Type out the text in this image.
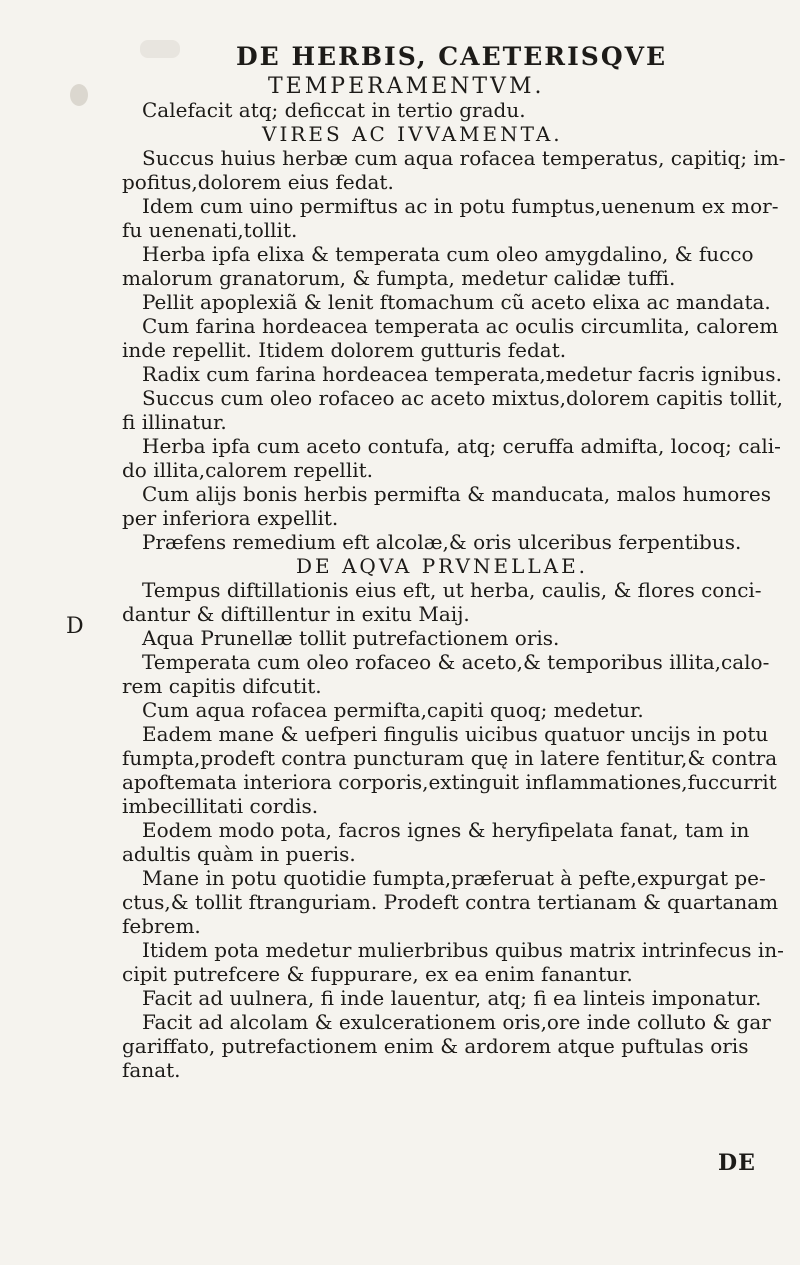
DE HERBIS, CAETERISQVE
TEMPERAMENTVM.
D
Calefacit atq; deficcat in tertio gradu.
VIRES AC IVVAMENTA.
Succus huius herbæ cum aqua rofacea temperatus, capitiq; im-
pofitus,dolorem eius fedat.
Idem cum uino permiftus ac in potu fumptus,uenenum ex mor-
fu uenenati,tollit.
Herba ipfa elixa & temperata cum oleo amygdalino, & fucco
malorum granatorum, & fumpta, medetur calidæ tuffi.
Pellit apoplexiã & lenit ftomachum cũ aceto elixa ac mandata.
Cum farina hordeacea temperata ac oculis circumlita, calorem
inde repellit. Itidem dolorem gutturis fedat.
Radix cum farina hordeacea temperata,medetur facris ignibus.
Succus cum oleo rofaceo ac aceto mixtus,dolorem capitis tollit,
fi illinatur.
Herba ipfa cum aceto contufa, atq; ceruffa admifta, locoq; cali-
do illita,calorem repellit.
Cum aliјs bonis herbis permifta & manducata, malos humores
per inferiora expellit.
Præfens remedium eft alcolæ,& oris ulceribus ferpentibus.
DE AQVA PRVNELLAE.
Tempus diftillationis eius eft, ut herba, caulis, & flores conci-
dantur & diftillentur in exitu Maij.
Aqua Prunellæ tollit putrefactionem oris.
Temperata cum oleo rofaceo & aceto,& temporibus illita,calo-
rem capitis difcutit.
Cum aqua rofacea permifta,capiti quoq; medetur.
Eadem mane & uefperi fingulis uicibus quatuor uncijs in potu
fumpta,prodeft contra puncturam quę in latere fentitur,& contra
apoftemata interiora corporis,extinguit inflammationes,fuccurrit
imbecillitati cordis.
Eodem modo pota, facros ignes & heryfipelata fanat, tam in
adultis quàm in pueris.
Mane in potu quotidie fumpta,præferuat à pefte,expurgat pe-
ctus,& tollit ftranguriam. Prodeft contra tertianam & quartanam
febrem.
Itidem pota medetur mulierbribus quibus matrix intrinfecus in-
cipit putrefcere & fuppurare, ex ea enim fanantur.
Facit ad uulnera, fi inde lauentur, atq; fi ea linteis imponatur.
Facit ad alcolam & exulcerationem oris,ore inde colluto & gar
gariffato, putrefactionem enim & ardorem atque puftulas oris
fanat.
DE
